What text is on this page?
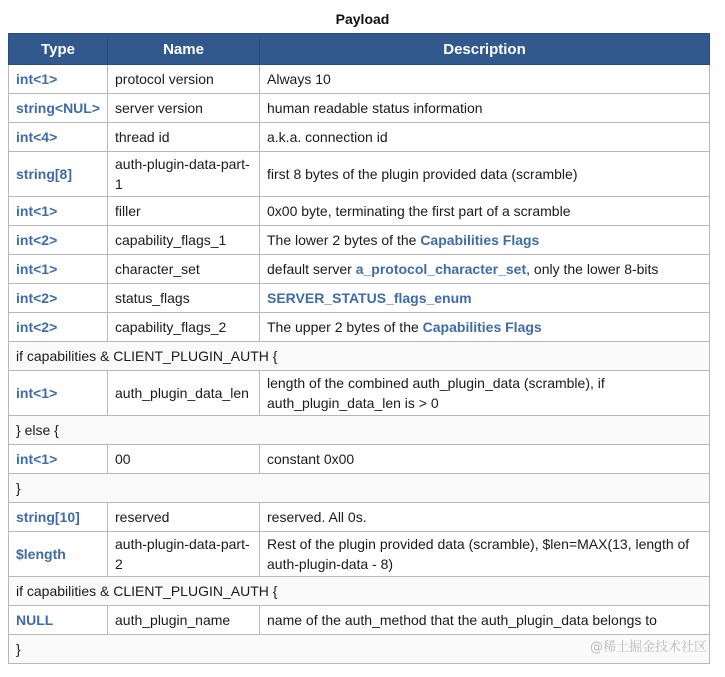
Payload
Type	Name	Description
int<1>	protocol version	Always 10
string<NUL>	server version	human readable status information
int<4>	thread id	a.k.a. connection id
string[8]	auth-plugin-data-part-1	first 8 bytes of the plugin provided data (scramble)
int<1>	filler	0x00 byte, terminating the first part of a scramble
int<2>	capability_flags_1	The lower 2 bytes of the Capabilities Flags
int<1>	character_set	default server a_protocol_character_set, only the lower 8-bits
int<2>	status_flags	SERVER_STATUS_flags_enum
int<2>	capability_flags_2	The upper 2 bytes of the Capabilities Flags
if capabilities & CLIENT_PLUGIN_AUTH {		
int<1>	auth_plugin_data_len	length of the combined auth_plugin_data (scramble), if auth_plugin_data_len is > 0
} else {		
int<1>	00	constant 0x00
}		
string[10]	reserved	reserved. All 0s.
$length	auth-plugin-data-part-2	Rest of the plugin provided data (scramble), $len=MAX(13, length of auth-plugin-data - 8)
if capabilities & CLIENT_PLUGIN_AUTH {		
NULL	auth_plugin_name	name of the auth_method that the auth_plugin_data belongs to
}			@稀土掘金技术社区
